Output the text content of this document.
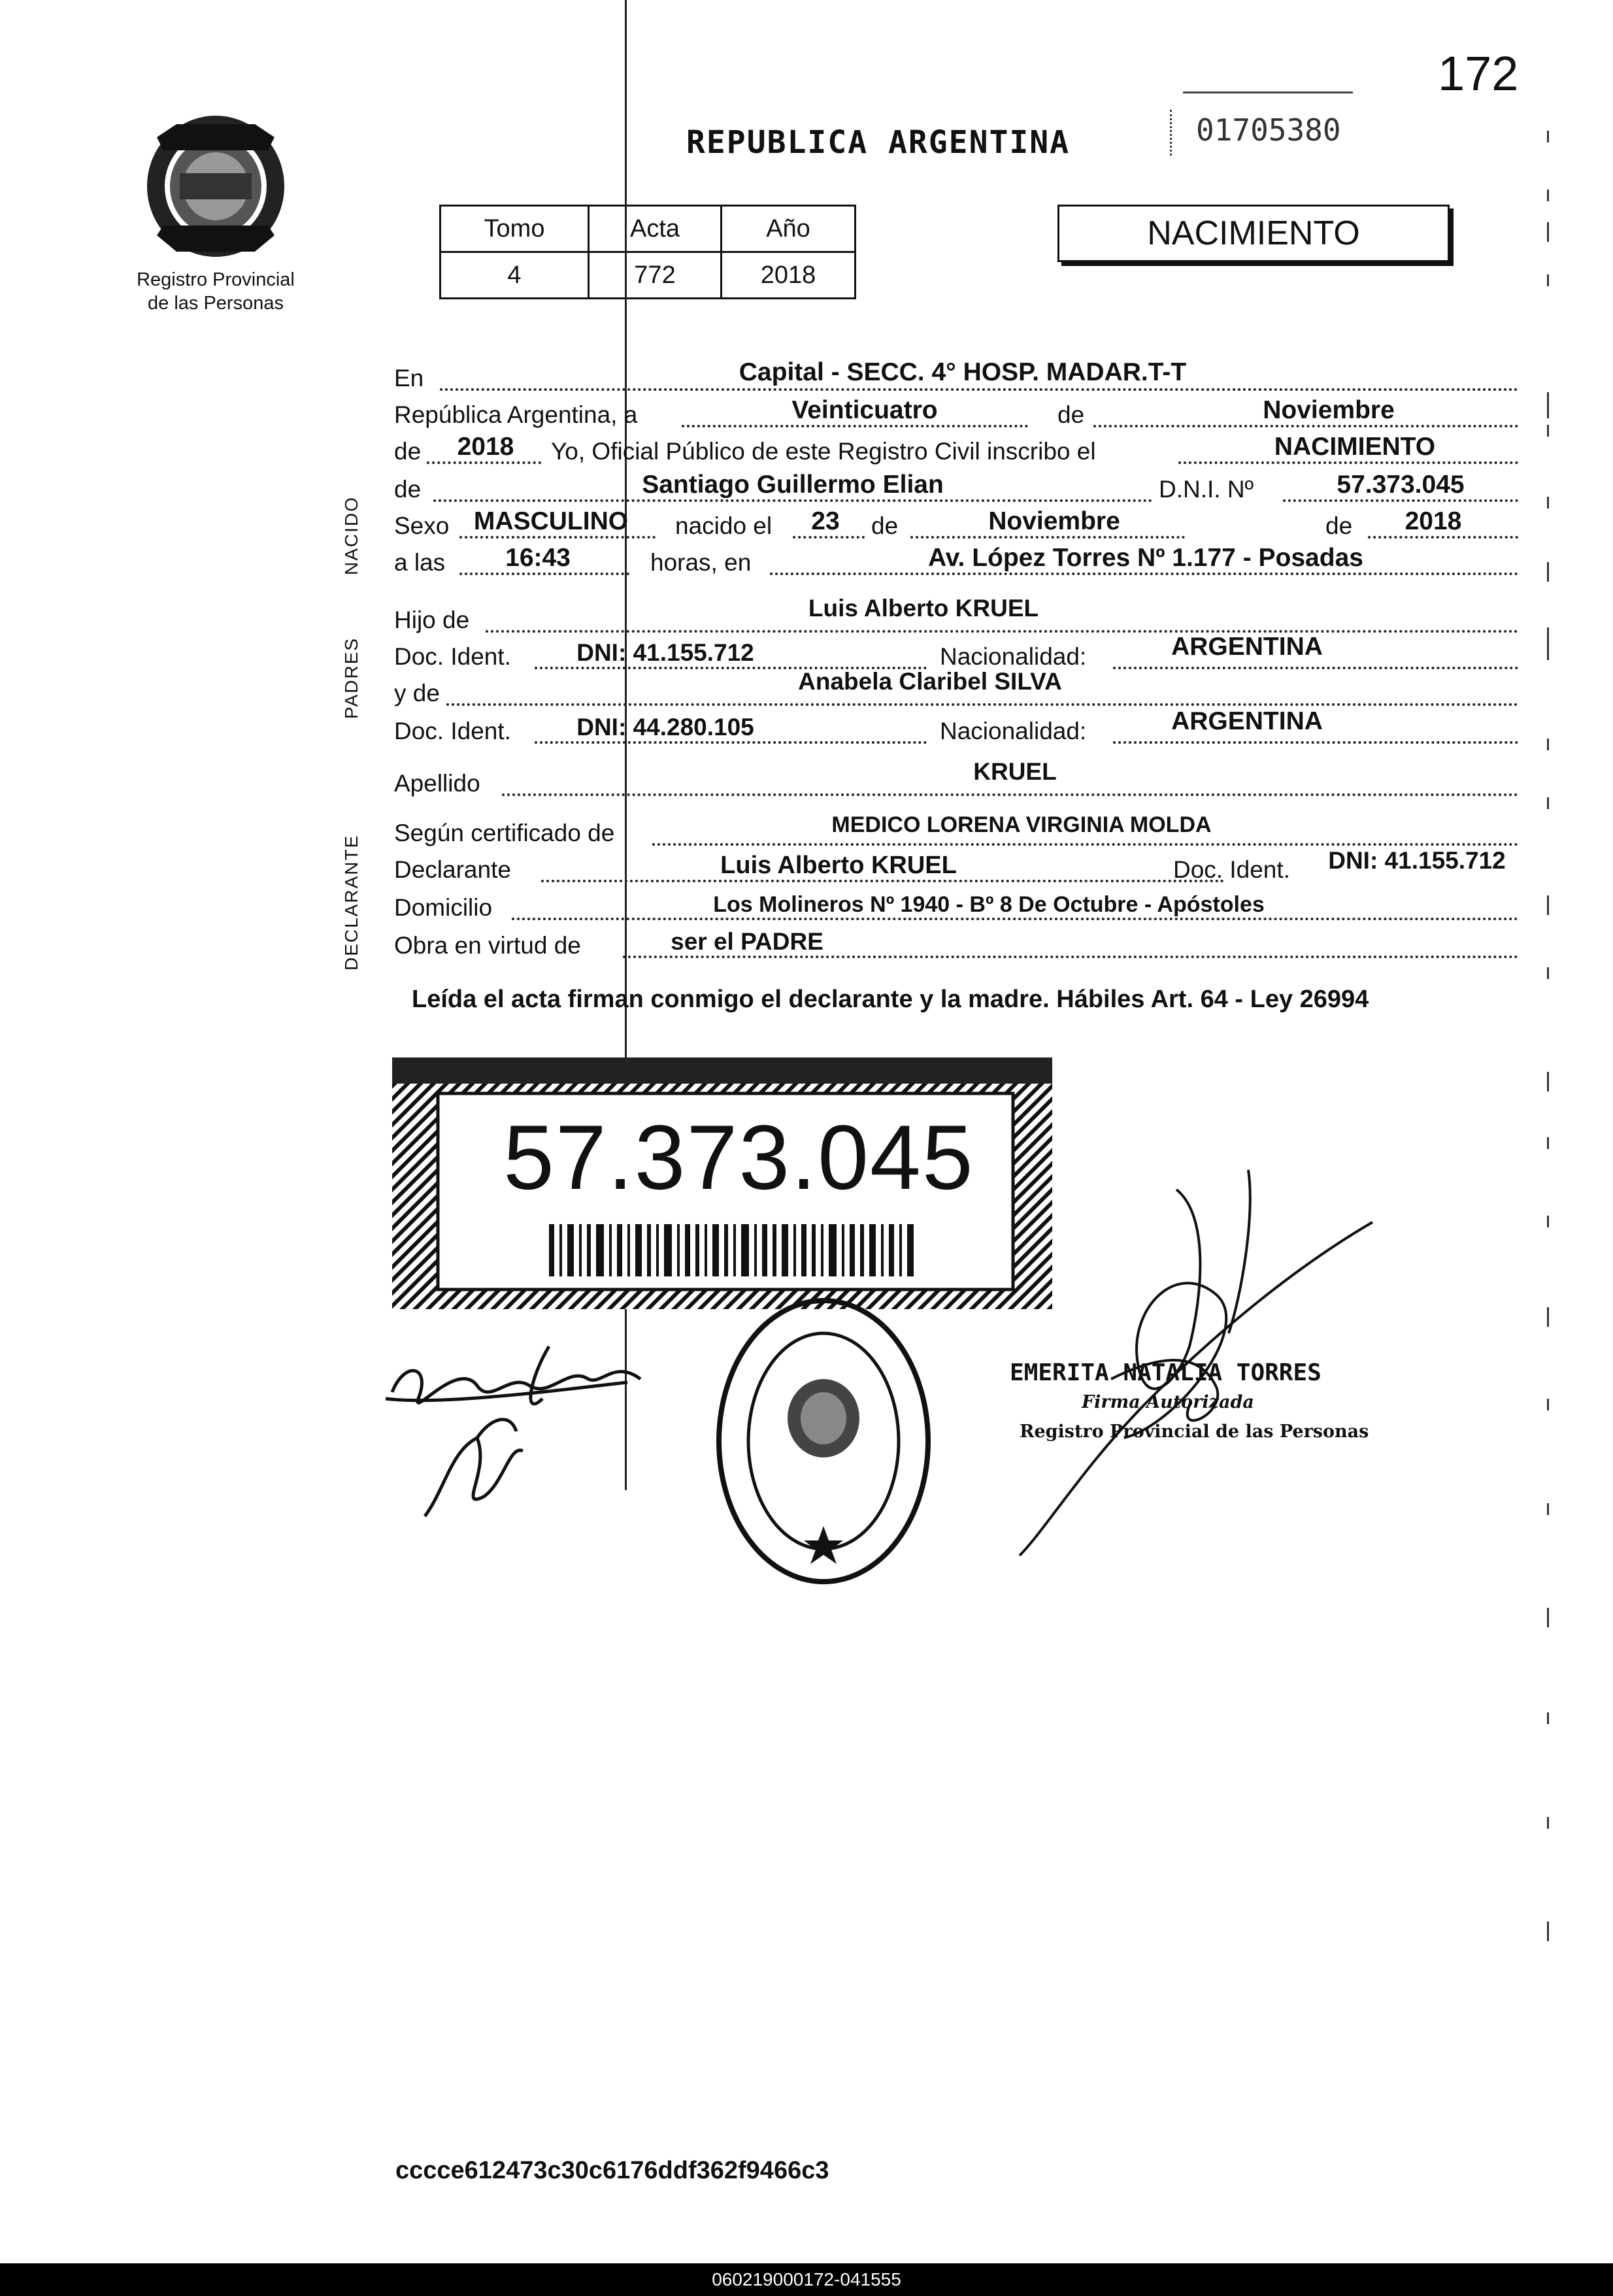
172
Registro Provincial
de las Personas
REPUBLICA ARGENTINA	01705380
Tomo	Acta	Año
4	772	2018
NACIMIENTO
NACIDO
PADRES
DECLARANTE
En	Capital - SECC. 4° HOSP. MADAR.T-T
República Argentina, a	Veinticuatro	de	Noviembre
de	2018	Yo, Oficial Público de este Registro Civil inscribo el	NACIMIENTO
de	Santiago Guillermo Elian	D.N.I. Nº	57.373.045
Sexo MASCULINO	nacido el	23	de	Noviembre	de	2018
a las	16:43	horas, en	Av. López Torres Nº 1.177 - Posadas
Hijo de	Luis Alberto KRUEL
Doc. Ident.	DNI: 41.155.712	Nacionalidad:	ARGENTINA
y de	Anabela Claribel SILVA
Doc. Ident.	DNI: 44.280.105	Nacionalidad:	ARGENTINA
Apellido	KRUEL
Según certificado de	MEDICO LORENA VIRGINIA MOLDA
Declarante	Luis Alberto KRUEL	Doc. Ident.	DNI: 41.155.712
Domicilio	Los Molineros Nº 1940 - Bº 8 De Octubre - Apóstoles
Obra en virtud de	ser el PADRE
Leída el acta firman conmigo el declarante y la madre. Hábiles Art. 64 - Ley 26994
57.373.045
EMERITA NATALIA TORRES
Firma Autorizada
Registro Provincial de las Personas
cccce612473c30c6176ddf362f9466c3
060219000172-041555
